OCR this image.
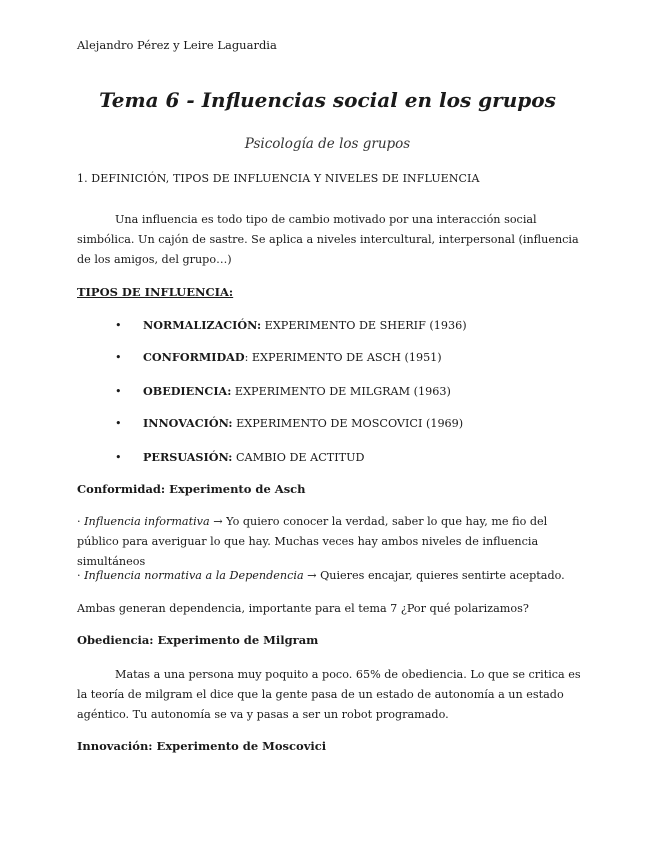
Alejandro Pérez y Leire Laguardia
Tema 6 - Influencias social en los grupos
Psicología de los grupos
1. DEFINICIÓN, TIPOS DE INFLUENCIA Y NIVELES DE INFLUENCIA
Una influencia es todo tipo de cambio motivado por una interacción social simbólica. Un cajón de sastre. Se aplica a niveles intercultural, interpersonal (influencia de los amigos, del grupo…)
TIPOS DE INFLUENCIA:
• NORMALIZACIÓN: EXPERIMENTO DE SHERIF (1936)
• CONFORMIDAD: EXPERIMENTO DE ASCH (1951)
• OBEDIENCIA: EXPERIMENTO DE MILGRAM (1963)
• INNOVACIÓN: EXPERIMENTO DE MOSCOVICI (1969)
• PERSUASIÓN: CAMBIO DE ACTITUD
Conformidad: Experimento de Asch
· Influencia informativa → Yo quiero conocer la verdad, saber lo que hay, me fio del público para averiguar lo que hay. Muchas veces hay ambos niveles de influencia simultáneos
· Influencia normativa a la Dependencia → Quieres encajar, quieres sentirte aceptado.
Ambas generan dependencia, importante para el tema 7 ¿Por qué polarizamos?
Obediencia: Experimento de Milgram
Matas a una persona muy poquito a poco. 65% de obediencia. Lo que se critica es la teoría de milgram el dice que la gente pasa de un estado de autonomía a un estado agéntico. Tu autonomía se va y pasas a ser un robot programado.
Innovación: Experimento de Moscovici
